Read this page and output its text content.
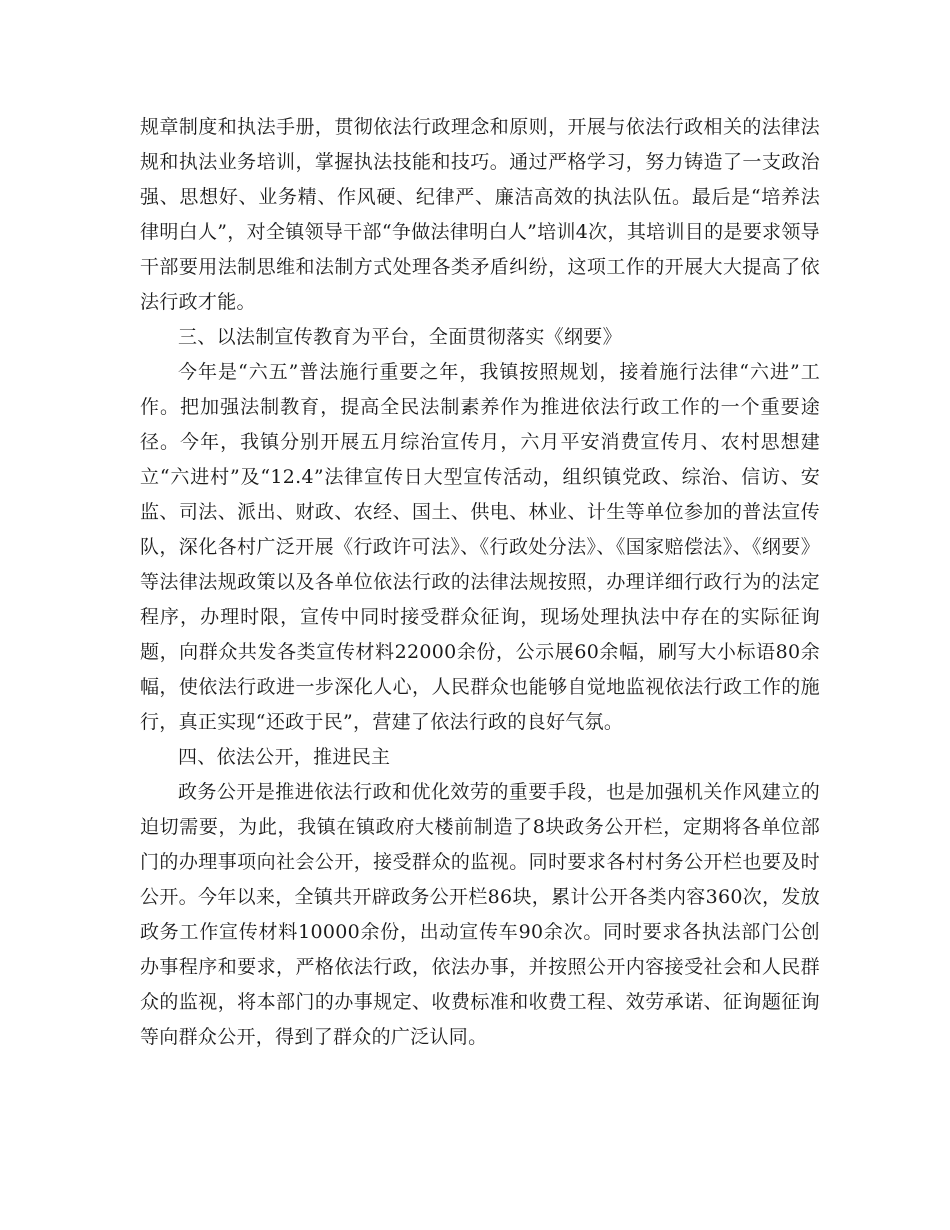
规章制度和执法手册，贯彻依法行政理念和原则，开展与依法行政相关的法律法规和执法业务培训，掌握执法技能和技巧。通过严格学习，努力铸造了一支政治强、思想好、业务精、作风硬、纪律严、廉洁高效的执法队伍。最后是“培养法律明白人”，对全镇领导干部“争做法律明白人”培训4次，其培训目的是要求领导干部要用法制思维和法制方式处理各类矛盾纠纷，这项工作的开展大大提高了依法行政才能。

三、以法制宣传教育为平台，全面贯彻落实《纲要》

今年是“六五”普法施行重要之年，我镇按照规划，接着施行法律“六进”工作。把加强法制教育，提高全民法制素养作为推进依法行政工作的一个重要途径。今年，我镇分别开展五月综治宣传月，六月平安消费宣传月、农村思想建立“六进村”及“12.4”法律宣传日大型宣传活动，组织镇党政、综治、信访、安监、司法、派出、财政、农经、国土、供电、林业、计生等单位参加的普法宣传队，深化各村广泛开展《行政许可法》、《行政处分法》、《国家赔偿法》、《纲要》等法律法规政策以及各单位依法行政的法律法规按照，办理详细行政行为的法定程序，办理时限，宣传中同时接受群众征询，现场处理执法中存在的实际征询题，向群众共发各类宣传材料22000余份，公示展60余幅，刷写大小标语80余幅，使依法行政进一步深化人心，人民群众也能够自觉地监视依法行政工作的施行，真正实现“还政于民”，营建了依法行政的良好气氛。

四、依法公开，推进民主

政务公开是推进依法行政和优化效劳的重要手段，也是加强机关作风建立的迫切需要，为此，我镇在镇政府大楼前制造了8块政务公开栏，定期将各单位部门的办理事项向社会公开，接受群众的监视。同时要求各村村务公开栏也要及时公开。今年以来，全镇共开辟政务公开栏86块，累计公开各类内容360次，发放政务工作宣传材料10000余份，出动宣传车90余次。同时要求各执法部门公创办事程序和要求，严格依法行政，依法办事，并按照公开内容接受社会和人民群众的监视，将本部门的办事规定、收费标准和收费工程、效劳承诺、征询题征询等向群众公开，得到了群众的广泛认同。
